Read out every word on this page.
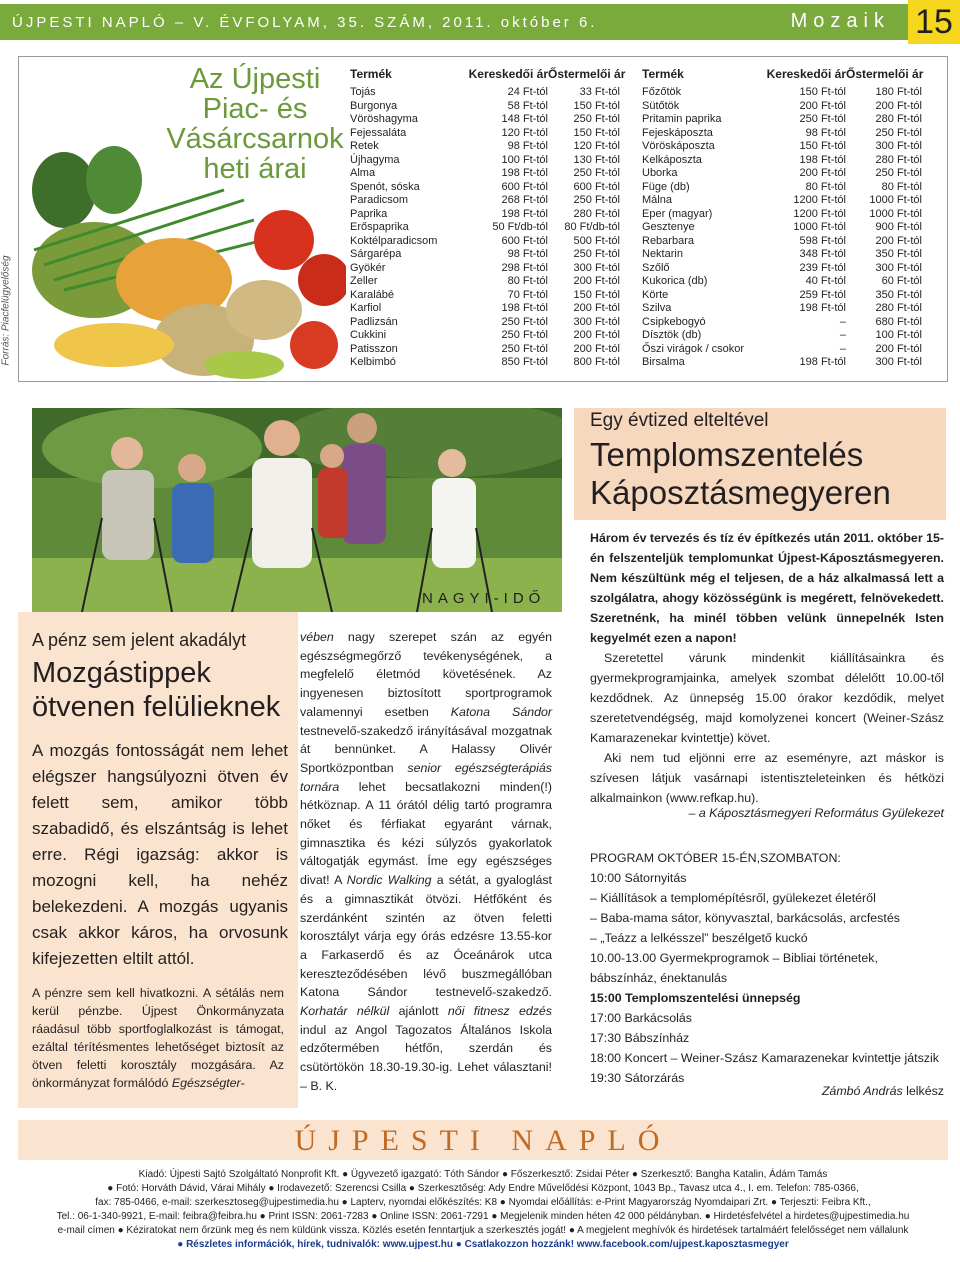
ÚJPESTI NAPLÓ – V. ÉVFOLYAM, 35. SZÁM, 2011. október 6.	Mozaik 15
Forrás: Piacfelügyelőség
Az Újpesti
Piac- és
Vásárcsarnok
heti árai
Termék	Kereskedői ár Őstermelői ár
Tojás	24 Ft-tól	33 Ft-tól
Burgonya	58 Ft-tól	150 Ft-tól
Vöröshagyma	148 Ft-tól	250 Ft-tól
Fejessaláta	120 Ft-tól	150 Ft-tól
Retek	98 Ft-tól	120 Ft-tól
Újhagyma	100 Ft-tól	130 Ft-tól
Alma	198 Ft-tól	250 Ft-tól
Spenót, sóska	600 Ft-tól	600 Ft-tól
Paradicsom	268 Ft-tól	250 Ft-tól
Paprika	198 Ft-tól	280 Ft-tól
Erőspaprika	50 Ft/db-tól	80 Ft/db-tól
Koktélparadicsom	600 Ft-tól	500 Ft-tól
Sárgarépa	98 Ft-tól	250 Ft-tól
Gyökér	298 Ft-tól	300 Ft-tól
Zeller	80 Ft-tól	200 Ft-tól
Karalábé	70 Ft-tól	150 Ft-tól
Karfiol	198 Ft-tól	200 Ft-tól
Padlizsán	250 Ft-tól	300 Ft-tól
Cukkini	250 Ft-tól	200 Ft-tól
Patisszon	250 Ft-tól	200 Ft-tól
Kelbimbó	850 Ft-tól	800 Ft-tól
Termék	Kereskedői ár Őstermelői ár
Főzőtök	150 Ft-tól	180 Ft-tól
Sütőtök	200 Ft-tól	200 Ft-tól
Pritamin paprika	250 Ft-tól	280 Ft-tól
Fejeskáposzta	98 Ft-tól	250 Ft-tól
Vöröskáposzta	150 Ft-tól	300 Ft-tól
Kelkáposzta	198 Ft-tól	280 Ft-tól
Uborka	200 Ft-tól	250 Ft-tól
Füge (db)	80 Ft-tól	80 Ft-tól
Málna	1200 Ft-tól	1000 Ft-tól
Eper (magyar)	1200 Ft-tól	1000 Ft-tól
Gesztenye	1000 Ft-tól	900 Ft-tól
Rebarbara	598 Ft-tól	200 Ft-tól
Nektarin	348 Ft-tól	350 Ft-tól
Szőlő	239 Ft-tól	300 Ft-tól
Kukorica (db)	40 Ft-tól	60 Ft-tól
Körte	259 Ft-tól	350 Ft-tól
Szilva	198 Ft-tól	280 Ft-tól
Csipkebogyó	–	680 Ft-tól
Dísztök (db)	–	100 Ft-tól
Őszi virágok / csokor	–	200 Ft-tól
Birsalma	198 Ft-tól	300 Ft-tól
NAGYI-IDŐ
A pénz sem jelent akadályt
Mozgástippek ötvenen felülieknek
A mozgás fontosságát nem lehet elégszer hangsúlyozni ötven év felett sem, amikor több szabadidő, és elszántság is lehet erre. Régi igazság: akkor is mozogni kell, ha nehéz belekezdeni. A mozgás ugyanis csak akkor káros, ha orvosunk kifejezetten eltilt attól.
A pénzre sem kell hivatkozni. A sétálás nem kerül pénzbe. Újpest Önkormányzata ráadásul több sportfoglalkozást is támogat, ezáltal térítésmentes lehetőséget biztosít az ötven feletti korosztály mozgására. Az önkormányzat formálódó Egészségter-
vében nagy szerepet szán az egyén egészségmegőrző tevékenységének, a megfelelő életmód követésének. Az ingyenesen biztosított sportprogramok valamennyi esetben Katona Sándor testnevelő-szakedző irányításával mozgatnak át bennünket. A Halassy Olivér Sportközpontban senior egészségterápiás tornára lehet becsatlakozni minden(!) hétköznap. A 11 órától délig tartó programra nőket és férfiakat egyaránt várnak, gimnasztika és kézi súlyzós gyakorlatok váltogatják egymást. Íme egy egészséges divat! A Nordic Walking a sétát, a gyaloglást és a gimnasztikát ötvözi. Hétfőként és szerdánként szintén az ötven feletti korosztályt várja egy órás edzésre 13.55-kor a Farkaserdő és az Óceánárok utca kereszteződésében lévő buszmegállóban Katona Sándor testnevelő-szakedző. Korhatár nélkül ajánlott női fitnesz edzés indul az Angol Tagozatos Általános Iskola edzőtermében hétfőn, szerdán és csütörtökön 18.30-19.30-ig. Lehet választani! – B. K.
Egy évtized elteltével
Templomszentelés
Káposztásmegyeren
Három év tervezés és tíz év építkezés után 2011. október 15-én felszenteljük templomunkat Újpest-Káposztásmegyeren. Nem készültünk még el teljesen, de a ház alkalmassá lett a szolgálatra, ahogy közösségünk is megérett, felnövekedett. Szeretnénk, ha minél többen velünk ünnepelnék Isten kegyelmét ezen a napon!

Szeretettel várunk mindenkit kiállításainkra és gyermekprogramjainka, amelyek szombat délelőtt 10.00-től kezdődnek. Az ünnepség 15.00 órakor kezdődik, melyet szeretetvendégség, majd komolyzenei koncert (Weiner-Szász Kamarazenekar kvintettje) követ.

Aki nem tud eljönni erre az eseményre, azt máskor is szívesen látjuk vasárnapi istentiszteleteinken és hétközi alkalmainkon (www.refkap.hu).

– a Káposztásmegyeri Református Gyülekezet
PROGRAM OKTÓBER 15-ÉN,SZOMBATON:
10:00 Sátornyitás
– Kiállítások a templomépítésről, gyülekezet életéről
– Baba-mama sátor, könyvasztal, barkácsolás, arcfestés
– „Teázz a lelkésszel” beszélgető kuckó
10.00-13.00 Gyermekprogramok – Bibliai történetek, bábszínház, énektanulás
15:00 Templomszentelési ünnepség
17:00 Barkácsolás
17:30 Bábszínház
18:00 Koncert – Weiner-Szász Kamarazenekar kvintettje játszik
19:30 Sátorzárás
Zámbó András lelkész
ÚJPESTI NAPLÓ
Kiadó: Újpesti Sajtó Szolgáltató Nonprofit Kft. ● Ügyvezető igazgató: Tóth Sándor ● Főszerkesztő: Zsidai Péter ● Szerkesztő: Bangha Katalin, Ádám Tamás
● Fotó: Horváth Dávid, Várai Mihály ● Irodavezető: Szerencsi Csilla ● Szerkesztőség: Ady Endre Művelődési Központ, 1043 Bp., Tavasz utca 4., I. em. Telefon: 785-0366,
fax: 785-0466, e-mail: szerkesztoseg@ujpestimedia.hu ● Lapterv, nyomdai előkészítés: K8 ● Nyomdai előállítás: e-Print Magyarország Nyomdaipari Zrt. ● Terjeszti: Feibra Kft.,
Tel.: 06-1-340-9921, E-mail: feibra@feibra.hu ● Print ISSN: 2061-7283 ● Online ISSN: 2061-7291 ● Megjelenik minden héten 42 000 példányban. ● Hirdetésfelvétel a hirdetes@ujpestimedia.hu
e-mail címen ● Kéziratokat nem őrzünk meg és nem küldünk vissza. Közlés esetén fenntartjuk a szerkesztés jogát! ● A megjelent meghívók és hirdetések tartalmáért felelősséget nem vállalunk
● Részletes információk, hírek, tudnivalók: www.ujpest.hu ● Csatlakozzon hozzánk! www.facebook.com/ujpest.kaposztasmegyer
